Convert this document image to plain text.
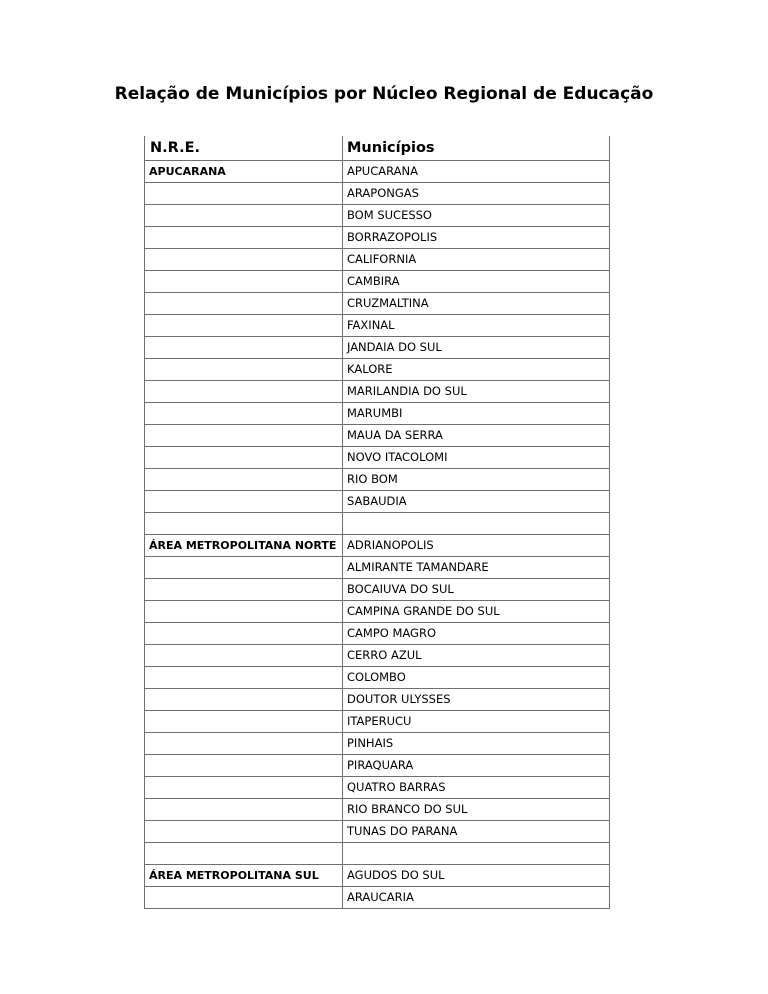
Relação de Municípios por Núcleo Regional de Educação
N.R.E.	Municípios
APUCARANA	APUCARANA
	ARAPONGAS
	BOM SUCESSO
	BORRAZOPOLIS
	CALIFORNIA
	CAMBIRA
	CRUZMALTINA
	FAXINAL
	JANDAIA DO SUL
	KALORE
	MARILANDIA DO SUL
	MARUMBI
	MAUA DA SERRA
	NOVO ITACOLOMI
	RIO BOM
	SABAUDIA

ÁREA METROPOLITANA NORTE	ADRIANOPOLIS
	ALMIRANTE TAMANDARE
	BOCAIUVA DO SUL
	CAMPINA GRANDE DO SUL
	CAMPO MAGRO
	CERRO AZUL
	COLOMBO
	DOUTOR ULYSSES
	ITAPERUCU
	PINHAIS
	PIRAQUARA
	QUATRO BARRAS
	RIO BRANCO DO SUL
	TUNAS DO PARANA

ÁREA METROPOLITANA SUL	AGUDOS DO SUL
	ARAUCARIA
